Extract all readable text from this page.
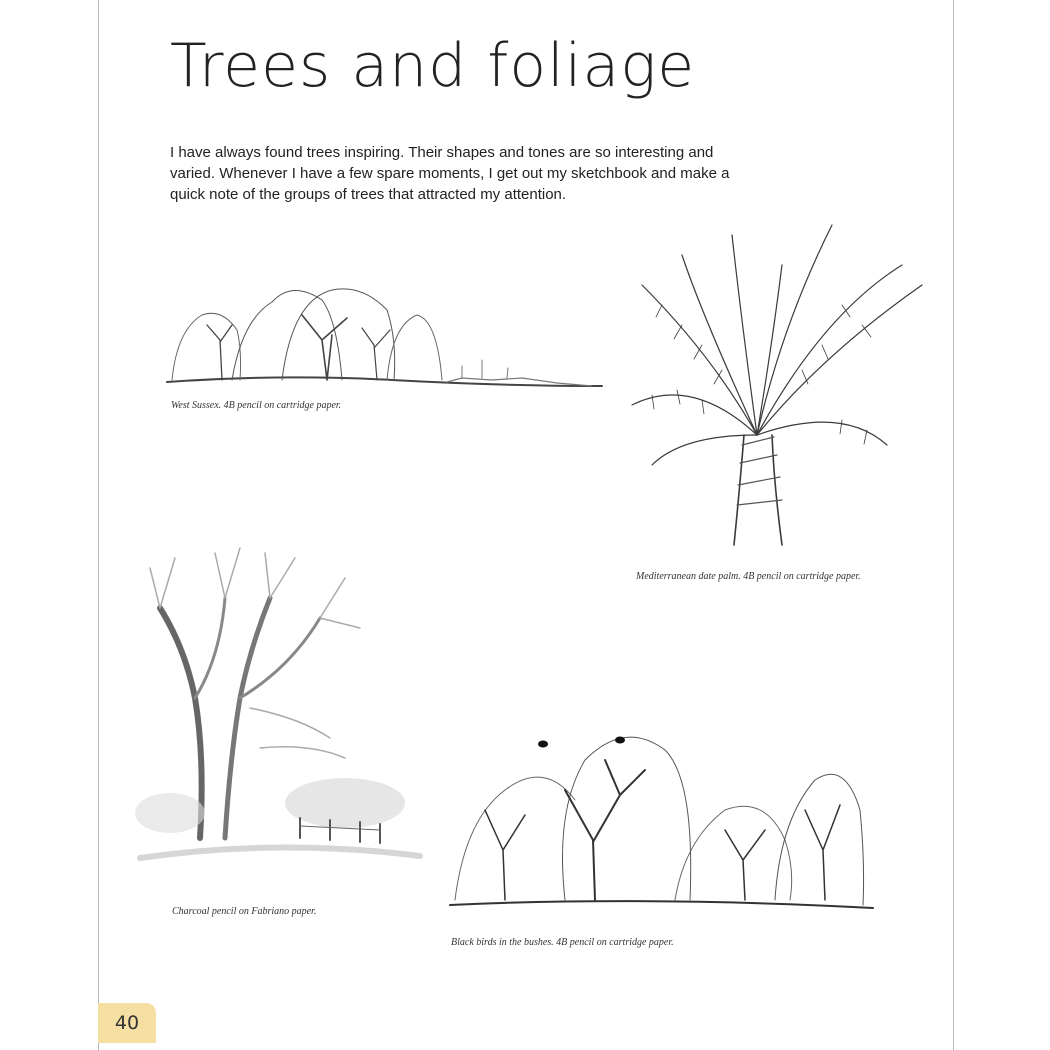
Trees and foliage

I have always found trees inspiring. Their shapes and tones are so interesting and varied. Whenever I have a few spare moments, I get out my sketchbook and make a quick note of the groups of trees that attracted my attention.

West Sussex. 4B pencil on cartridge paper.

Mediterranean date palm. 4B pencil on cartridge paper.

Charcoal pencil on Fabriano paper.

Black birds in the bushes. 4B pencil on cartridge paper.

40
